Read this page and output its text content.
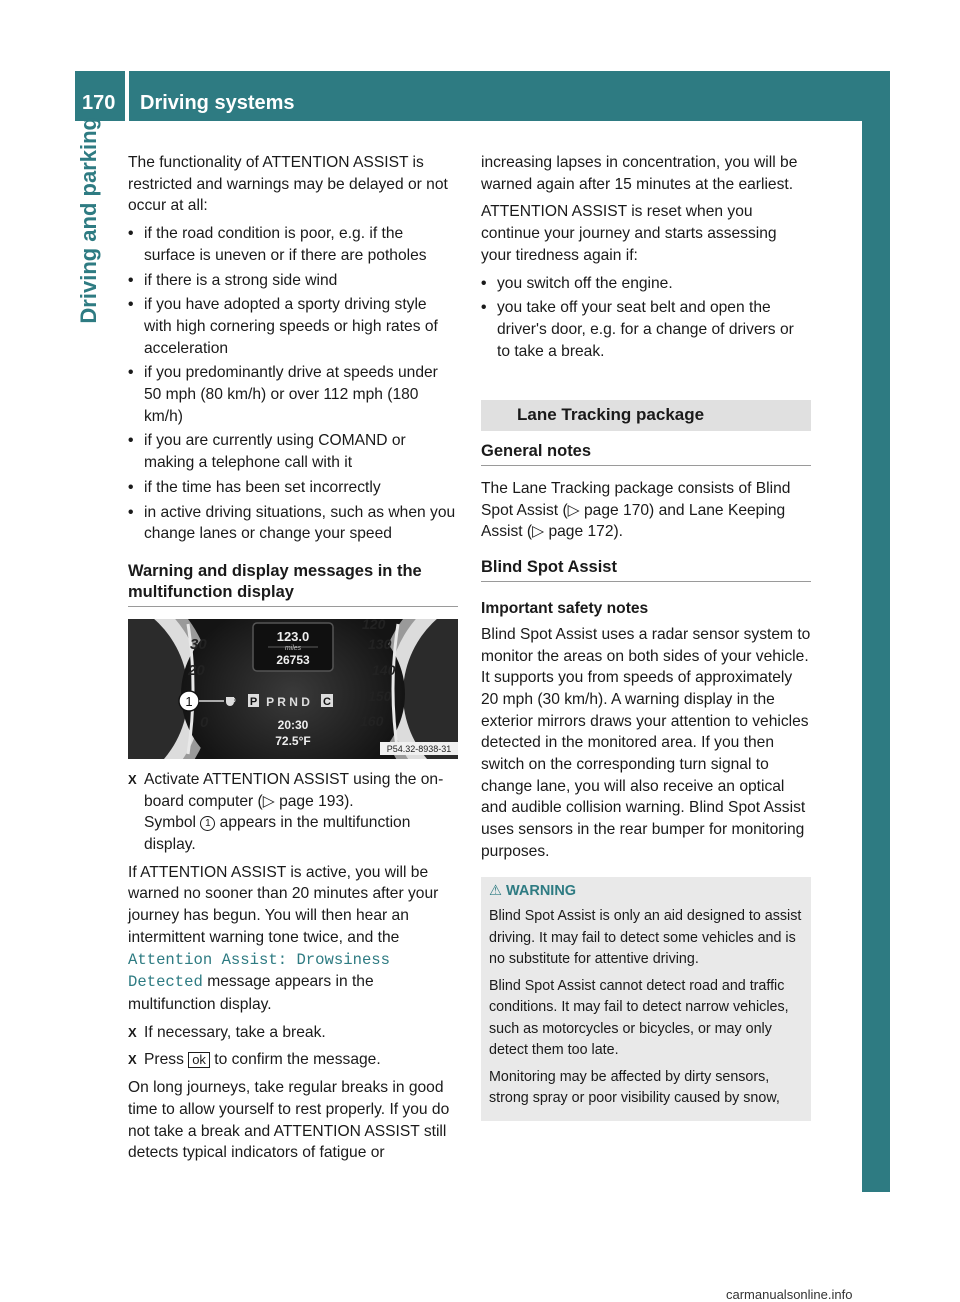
170 Driving systems
Driving and parking The functionality of ATTENTION ASSIST is restricted and warnings may be delayed or not occur at all:

• if the road condition is poor, e.g. if the surface is uneven or if there are potholes
• if there is a strong side wind
• if you have adopted a sporty driving style with high cornering speeds or high rates of acceleration
• if you predominantly drive at speeds under 50 mph (80 km/h) or over 112 mph (180 km/h)
• if you are currently using COMAND or making a telephone call with it
• if the time has been set incorrectly
• in active driving situations, such as when you change lanes or change your speed
Warning and display messages in the multifunction display
123.0
miles
26753
30
20
0
120
130
140
150
160
1	P P R N D C
20:30
72.5°F
P54.32-8938-31
X Activate ATTENTION ASSIST using the on-board computer (▷ page 193).
Symbol 1 appears in the multifunction display.

If ATTENTION ASSIST is active, you will be warned no sooner than 20 minutes after your journey has begun. You will then hear an intermittent warning tone twice, and the Attention Assist: Drowsiness Detected message appears in the multifunction display.

X If necessary, take a break.
X Press ok to confirm the message.

On long journeys, take regular breaks in good time to allow yourself to rest properly. If you do not take a break and ATTENTION ASSIST still detects typical indicators of fatigue or

increasing lapses in concentration, you will be warned again after 15 minutes at the earliest.

ATTENTION ASSIST is reset when you continue your journey and starts assessing your tiredness again if:

• you switch off the engine.
• you take off your seat belt and open the driver's door, e.g. for a change of drivers or to take a break.
Lane Tracking package
General notes

The Lane Tracking package consists of Blind Spot Assist (▷ page 170) and Lane Keeping Assist (▷ page 172).

Blind Spot Assist
Important safety notes

Blind Spot Assist uses a radar sensor system to monitor the areas on both sides of your vehicle. It supports you from speeds of approximately 20 mph (30 km/h). A warning display in the exterior mirrors draws your attention to vehicles detected in the monitored area. If you then switch on the corresponding turn signal to change lane, you will also receive an optical and audible collision warning. Blind Spot Assist uses sensors in the rear bumper for monitoring purposes.

⚠ WARNING

Blind Spot Assist is only an aid designed to assist driving. It may fail to detect some vehicles and is no substitute for attentive driving.

Blind Spot Assist cannot detect road and traffic conditions. It may fail to detect narrow vehicles, such as motorcycles or bicycles, or may only detect them too late.

Monitoring may be affected by dirty sensors, strong spray or poor visibility caused by snow,

carmanualsonline.info
